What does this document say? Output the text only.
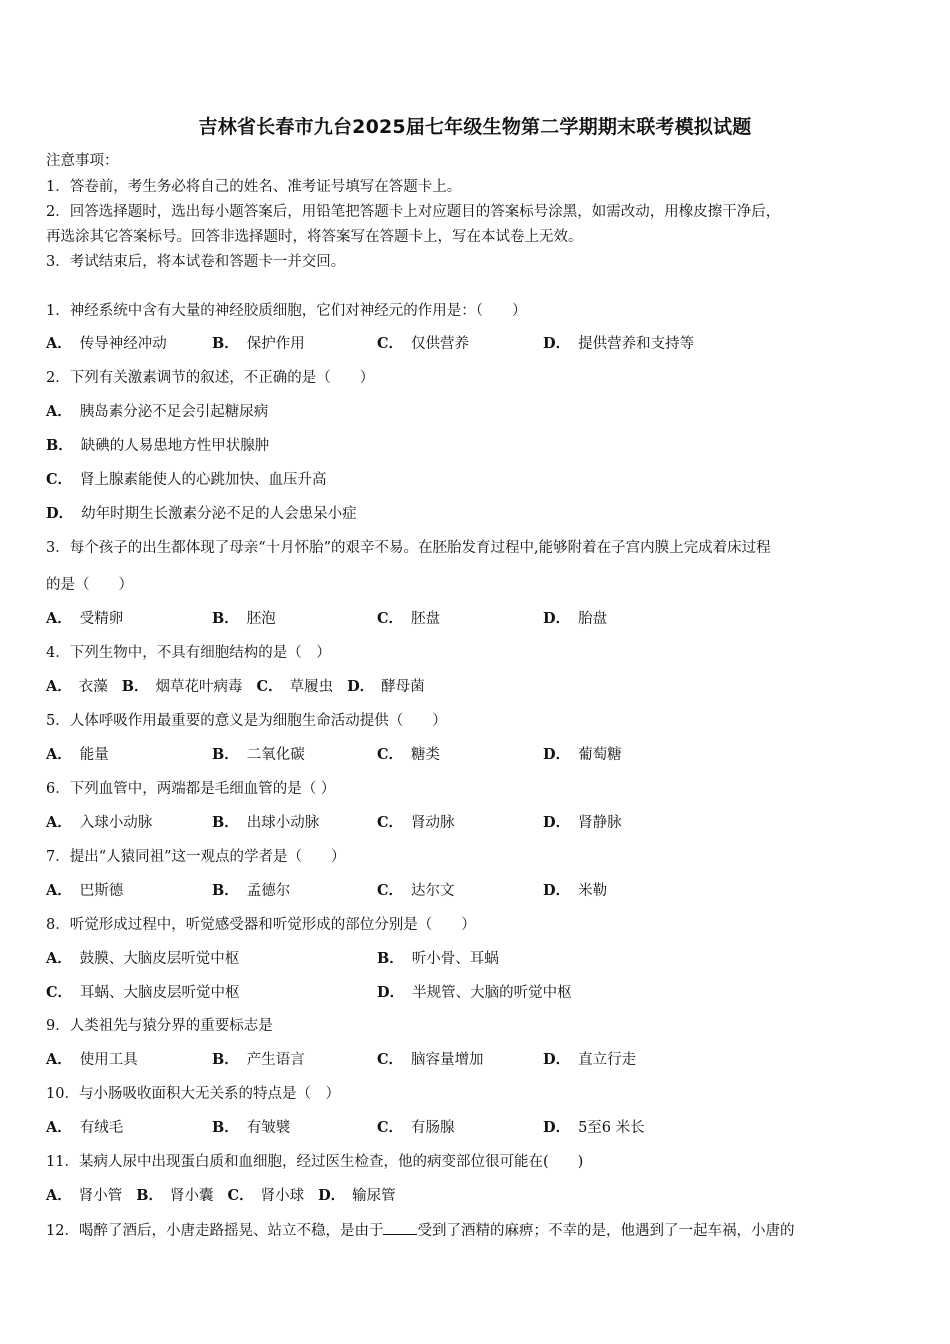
吉林省长春市九台2025届七年级生物第二学期期末联考模拟试题
注意事项：
1．答卷前，考生务必将自己的姓名、准考证号填写在答题卡上。
2．回答选择题时，选出每小题答案后，用铅笔把答题卡上对应题目的答案标号涂黑，如需改动，用橡皮擦干净后，
再选涂其它答案标号。回答非选择题时，将答案写在答题卡上，写在本试卷上无效。
3．考试结束后，将本试卷和答题卡一并交回。
1．神经系统中含有大量的神经胶质细胞，它们对神经元的作用是：（　　）
A． 传导神经冲动	B． 保护作用	C． 仅供营养	D． 提供营养和支持等
2．下列有关激素调节的叙述，不正确的是（　　）
A． 胰岛素分泌不足会引起糖尿病
B． 缺碘的人易患地方性甲状腺肿
C． 肾上腺素能使人的心跳加快、血压升高
D． 幼年时期生长激素分泌不足的人会患呆小症
3．每个孩子的出生都体现了母亲“十月怀胎”的艰辛不易。在胚胎发育过程中,能够附着在子宫内膜上完成着床过程
的是（　　）
A． 受精卵	B． 胚泡	C． 胚盘	D． 胎盘
4．下列生物中，不具有细胞结构的是（　）
A． 衣藻 B． 烟草花叶病毒 C． 草履虫 D． 酵母菌
5．人体呼吸作用最重要的意义是为细胞生命活动提供（　　）
A． 能量	B． 二氧化碳	C． 糖类	D． 葡萄糖
6．下列血管中，两端都是毛细血管的是（ ）
A． 入球小动脉	B． 出球小动脉	C． 肾动脉	D． 肾静脉
7．提出“人猿同祖”这一观点的学者是（　　）
A． 巴斯德	B． 孟德尔	C． 达尔文	D． 米勒
8．听觉形成过程中，听觉感受器和听觉形成的部位分别是（　　）
A． 鼓膜、大脑皮层听觉中枢	B． 听小骨、耳蜗
C． 耳蜗、大脑皮层听觉中枢	D． 半规管、大脑的听觉中枢
9．人类祖先与猿分界的重要标志是
A． 使用工具	B． 产生语言	C． 脑容量增加	D． 直立行走
10．与小肠吸收面积大无关系的特点是（　）
A． 有绒毛	B． 有皱襞	C． 有肠腺	D． 5至6 米长
11．某病人尿中出现蛋白质和血细胞，经过医生检查，他的病变部位很可能在(　　)
A． 肾小管 B． 肾小囊 C． 肾小球 D． 输尿管
12．喝醉了酒后，小唐走路摇晃、站立不稳，是由于 受到了酒精的麻痹；不幸的是，他遇到了一起车祸，小唐的
